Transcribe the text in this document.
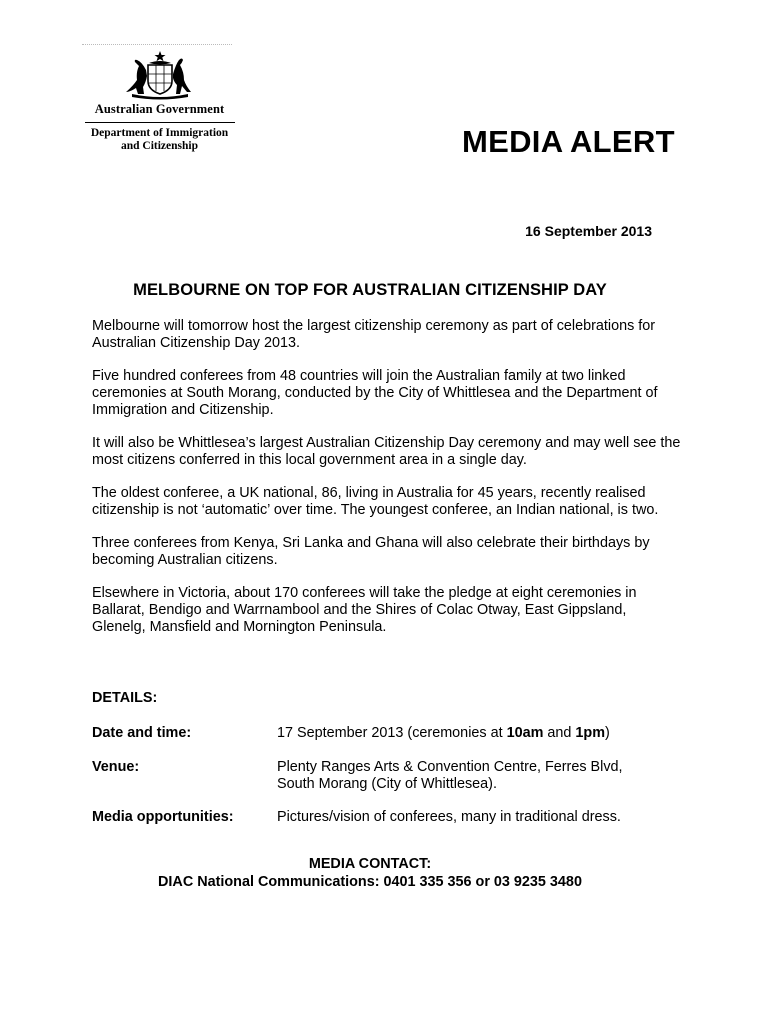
Australian Government
Department of Immigration
and Citizenship	MEDIA ALERT
16 September 2013
MELBOURNE ON TOP FOR AUSTRALIAN CITIZENSHIP DAY

Melbourne will tomorrow host the largest citizenship ceremony as part of celebrations for Australian Citizenship Day 2013.

Five hundred conferees from 48 countries will join the Australian family at two linked ceremonies at South Morang, conducted by the City of Whittlesea and the Department of Immigration and Citizenship.

It will also be Whittlesea’s largest Australian Citizenship Day ceremony and may well see the most citizens conferred in this local government area in a single day.

The oldest conferee, a UK national, 86, living in Australia for 45 years, recently realised citizenship is not ‘automatic’ over time. The youngest conferee, an Indian national, is two.

Three conferees from Kenya, Sri Lanka and Ghana will also celebrate their birthdays by becoming Australian citizens.

Elsewhere in Victoria, about 170 conferees will take the pledge at eight ceremonies in Ballarat, Bendigo and Warrnambool and the Shires of Colac Otway, East Gippsland, Glenelg, Mansfield and Mornington Peninsula.

DETAILS:
Date and time:	17 September 2013 (ceremonies at 10am and 1pm)
Venue:	Plenty Ranges Arts & Convention Centre, Ferres Blvd, South Morang (City of Whittlesea).
Media opportunities:	Pictures/vision of conferees, many in traditional dress.
MEDIA CONTACT:
DIAC National Communications: 0401 335 356 or 03 9235 3480
